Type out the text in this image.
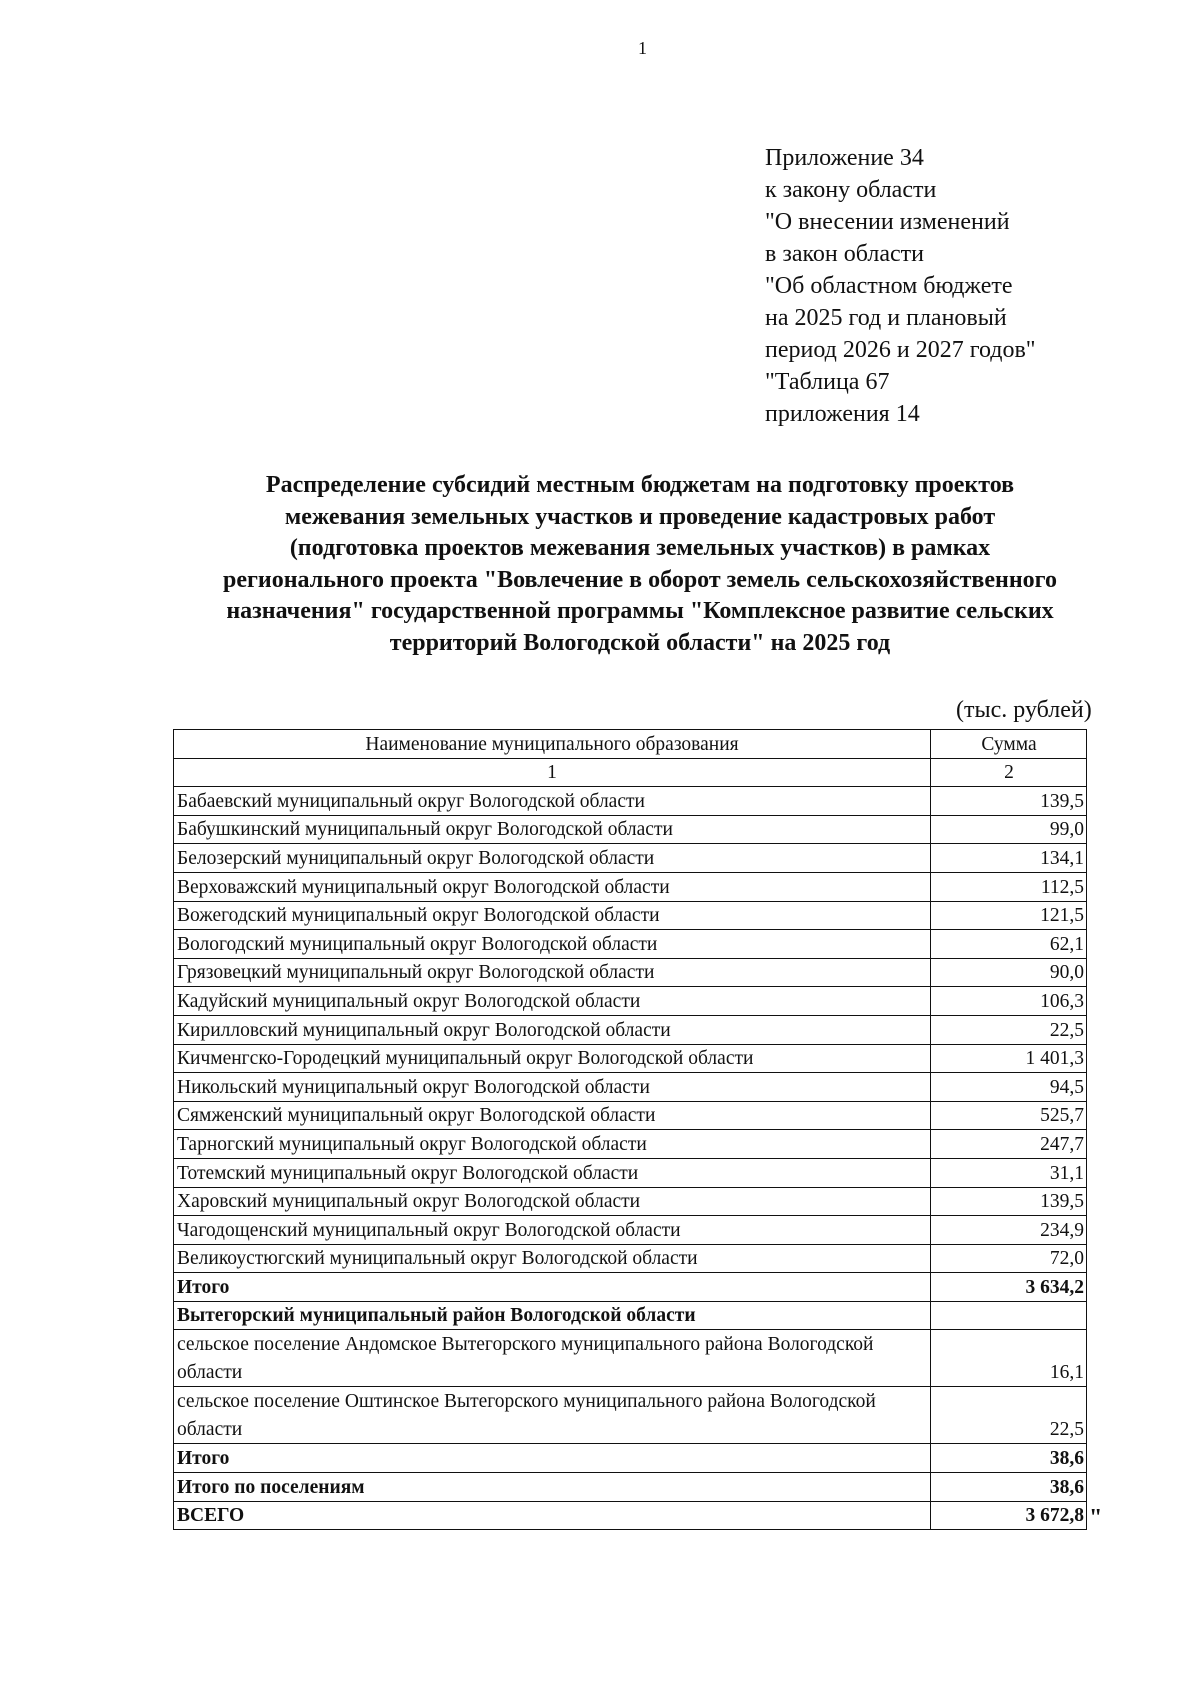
1
Приложение 34
к закону области
"О внесении изменений
в закон области
"Об областном бюджете
на 2025 год и плановый
период 2026 и 2027 годов"
"Таблица 67
приложения 14
Распределение субсидий местным бюджетам на подготовку проектов
межевания земельных участков и проведение кадастровых работ
(подготовка проектов межевания земельных участков) в рамках
регионального проекта "Вовлечение в оборот земель сельскохозяйственного
назначения" государственной программы "Комплексное развитие сельских
территорий Вологодской области" на 2025 год
(тыс. рублей)
Наименование муниципального образования	Сумма
1	2
Бабаевский муниципальный округ Вологодской области	139,5
Бабушкинский муниципальный округ Вологодской области	99,0
Белозерский муниципальный округ Вологодской области	134,1
Верховажский муниципальный округ Вологодской области	112,5
Вожегодский муниципальный округ Вологодской области	121,5
Вологодский муниципальный округ Вологодской области	62,1
Грязовецкий муниципальный округ Вологодской области	90,0
Кадуйский муниципальный округ Вологодской области	106,3
Кирилловский муниципальный округ Вологодской области	22,5
Кичменгско-Городецкий муниципальный округ Вологодской области	1 401,3
Никольский муниципальный округ Вологодской области	94,5
Сямженский муниципальный округ Вологодской области	525,7
Тарногский муниципальный округ Вологодской области	247,7
Тотемский муниципальный округ Вологодской области	31,1
Харовский муниципальный округ Вологодской области	139,5
Чагодощенский муниципальный округ Вологодской области	234,9
Великоустюгский муниципальный округ Вологодской области	72,0
Итого	3 634,2
Вытегорский муниципальный район Вологодской области	
сельское поселение Андомское Вытегорского муниципального района Вологодской области	16,1
сельское поселение Оштинское Вытегорского муниципального района Вологодской области	22,5
Итого	38,6
Итого по поселениям	38,6
ВСЕГО	3 672,8 "
